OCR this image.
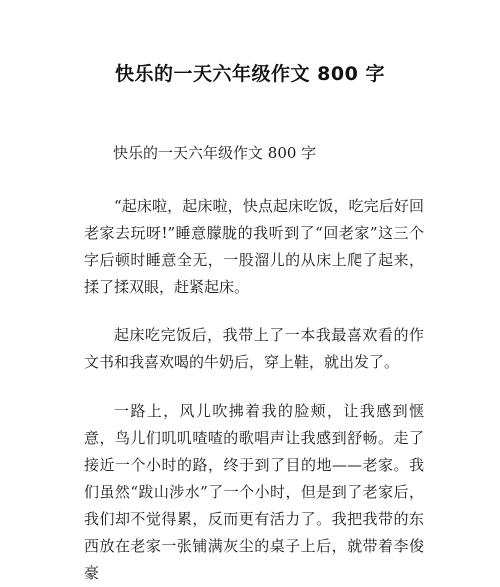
快乐的一天六年级作文 800 字
快乐的一天六年级作文 800 字

“起床啦，起床啦，快点起床吃饭，吃完后好回老家去玩呀!”睡意朦胧的我听到了“回老家”这三个字后顿时睡意全无，一股溜儿的从床上爬了起来，揉了揉双眼，赶紧起床。

起床吃完饭后，我带上了一本我最喜欢看的作文书和我喜欢喝的牛奶后，穿上鞋，就出发了。

一路上，风儿吹拂着我的脸颊，让我感到惬意，鸟儿们叽叽喳喳的歌唱声让我感到舒畅。走了接近一个小时的路，终于到了目的地——老家。我们虽然“跋山涉水”了一个小时，但是到了老家后，我们却不觉得累，反而更有活力了。我把我带的东西放在老家一张铺满灰尘的桌子上后，就带着李俊豪
